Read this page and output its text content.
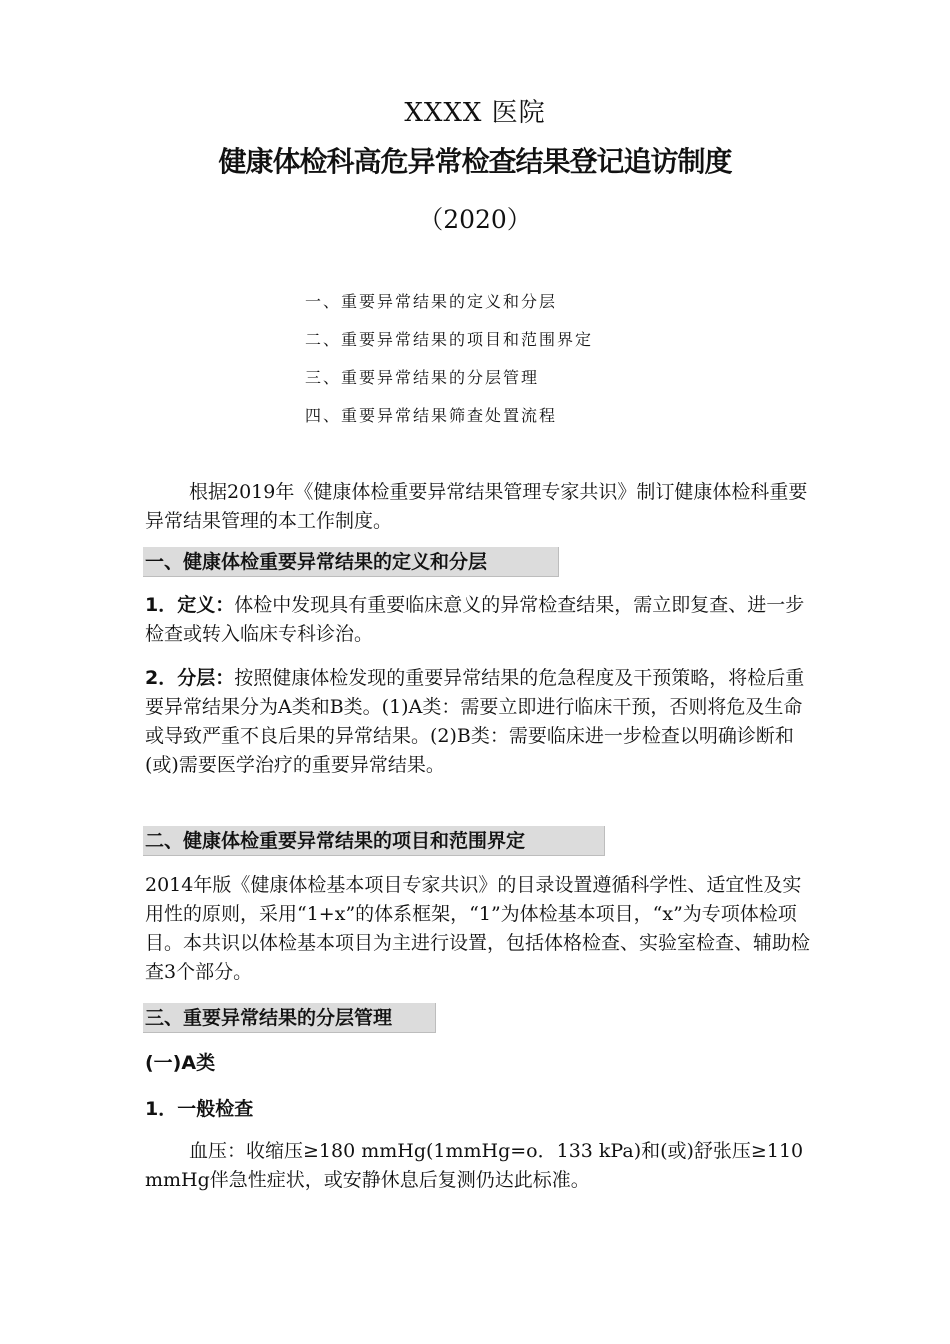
XXXX 医院
健康体检科高危异常检查结果登记追访制度
（2020）
一、重要异常结果的定义和分层
二、重要异常结果的项目和范围界定
三、重要异常结果的分层管理
四、重要异常结果筛查处置流程

根据2019年《健康体检重要异常结果管理专家共识》制订健康体检科重要异常结果管理的本工作制度。

一、健康体检重要异常结果的定义和分层

1．定义：体检中发现具有重要临床意义的异常检查结果，需立即复查、进一步检查或转入临床专科诊治。

2．分层：按照健康体检发现的重要异常结果的危急程度及干预策略，将检后重要异常结果分为A类和B类。(1)A类：需要立即进行临床干预，否则将危及生命或导致严重不良后果的异常结果。(2)B类：需要临床进一步检查以明确诊断和(或)需要医学治疗的重要异常结果。

二、健康体检重要异常结果的项目和范围界定

2014年版《健康体检基本项目专家共识》的目录设置遵循科学性、适宜性及实用性的原则，采用“1+x”的体系框架，“1”为体检基本项目，“x”为专项体检项目。本共识以体检基本项目为主进行设置，包括体格检查、实验室检查、辅助检查3个部分。

三、重要异常结果的分层管理
(一)A类
1．一般检查

血压：收缩压≥180 mmHg(1mmHg=o．133 kPa)和(或)舒张压≥110 mmHg伴急性症状，或安静休息后复测仍达此标准。
